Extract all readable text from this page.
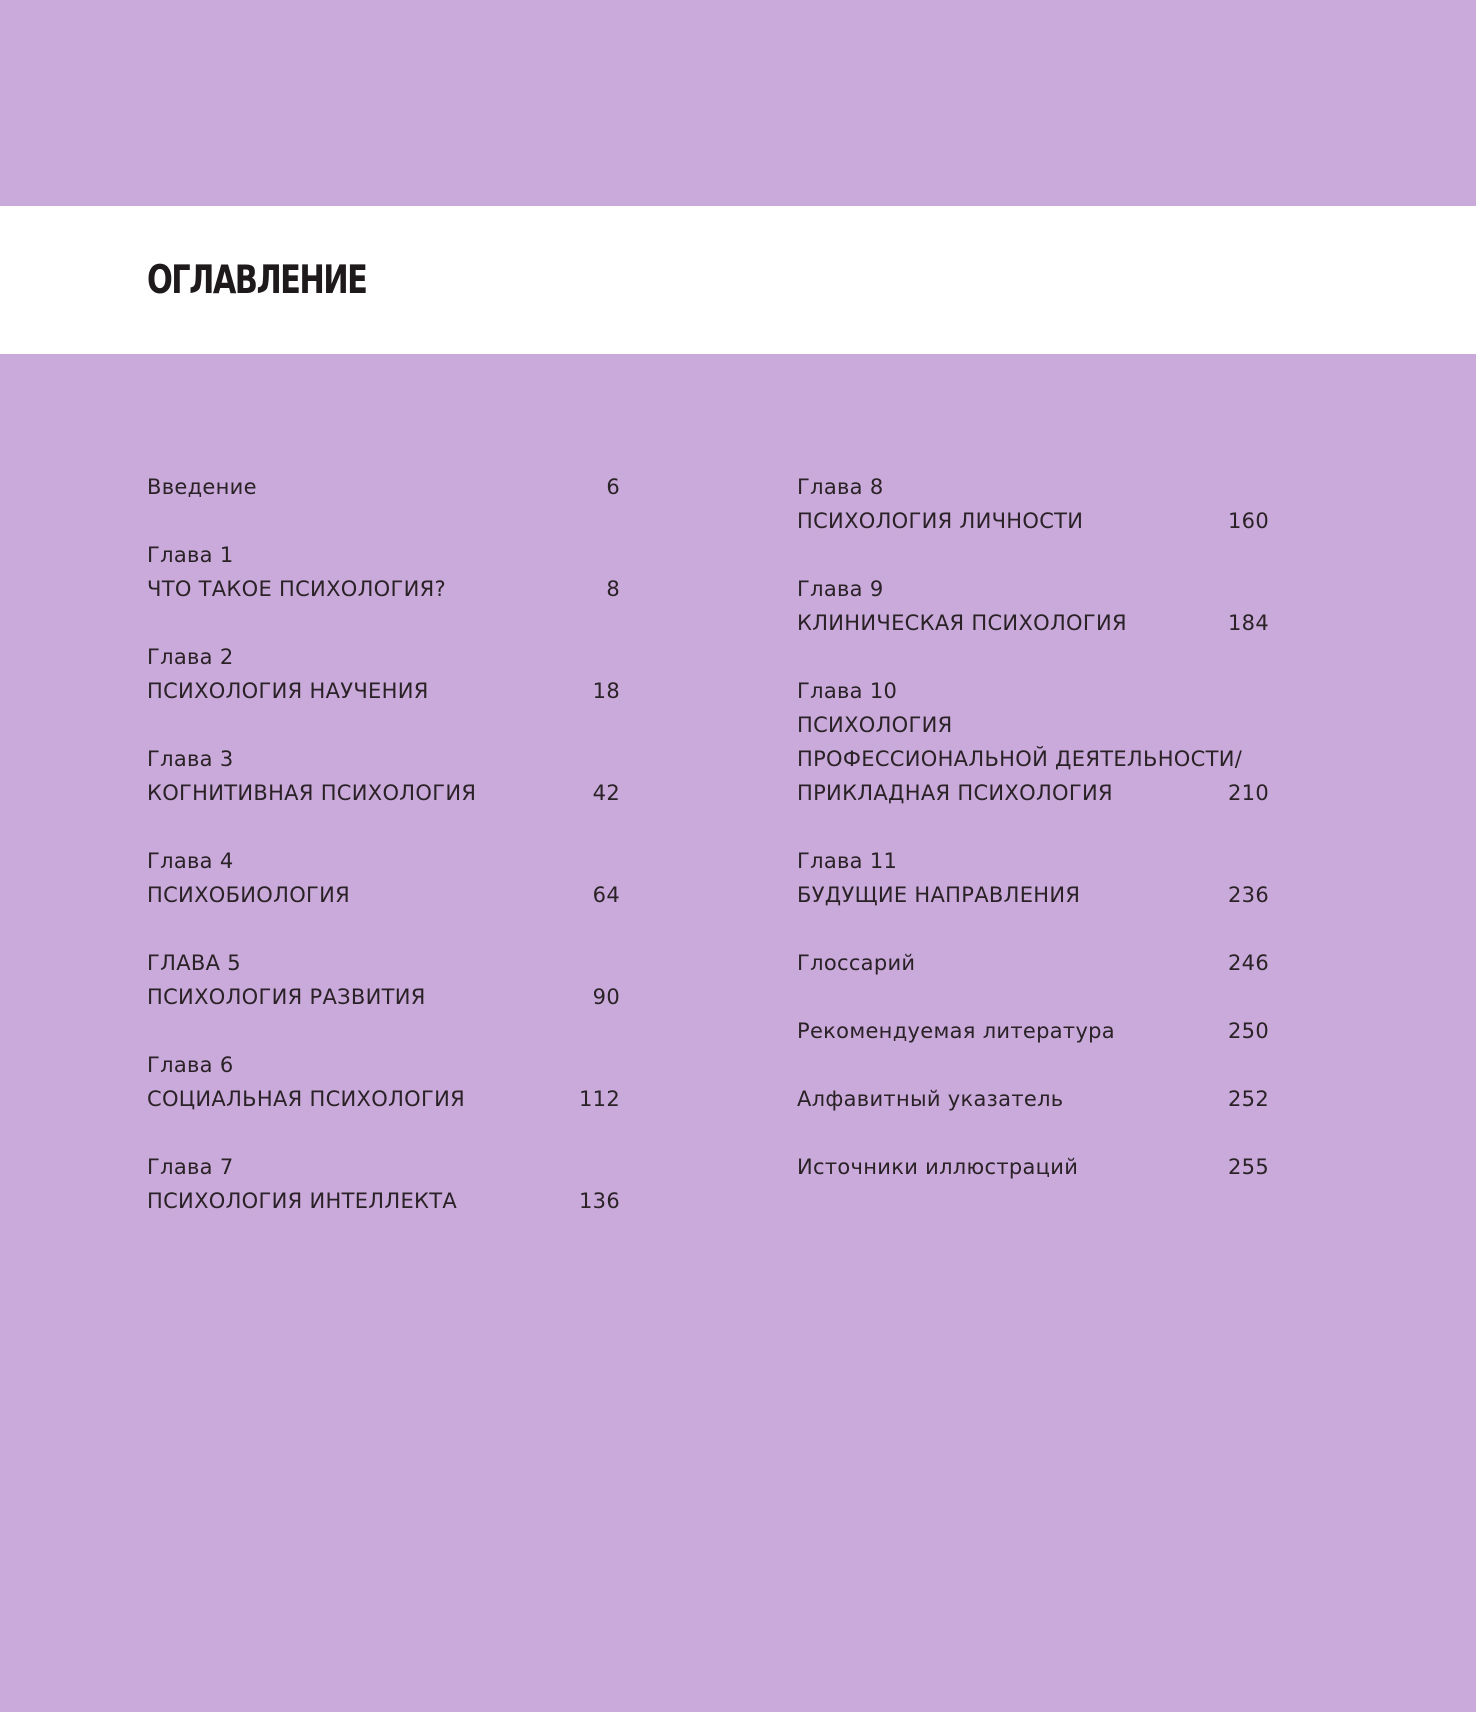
ОГЛАВЛЕНИЕ
Введение	6
Глава 1
ЧТО ТАКОЕ ПСИХОЛОГИЯ?	8
Глава 2
ПСИХОЛОГИЯ НАУЧЕНИЯ	18
Глава 3
КОГНИТИВНАЯ ПСИХОЛОГИЯ	42
Глава 4
ПСИХОБИОЛОГИЯ	64
ГЛАВА 5
ПСИХОЛОГИЯ РАЗВИТИЯ	90
Глава 6
СОЦИАЛЬНАЯ ПСИХОЛОГИЯ	112
Глава 7
ПСИХОЛОГИЯ ИНТЕЛЛЕКТА	136
Глава 8
ПСИХОЛОГИЯ ЛИЧНОСТИ	160
Глава 9
КЛИНИЧЕСКАЯ ПСИХОЛОГИЯ	184
Глава 10
ПСИХОЛОГИЯ
ПРОФЕССИОНАЛЬНОЙ ДЕЯТЕЛЬНОСТИ/
ПРИКЛАДНАЯ ПСИХОЛОГИЯ	210
Глава 11
БУДУЩИЕ НАПРАВЛЕНИЯ	236
Глоссарий	246
Рекомендуемая литература	250
Алфавитный указатель	252
Источники иллюстраций	255
